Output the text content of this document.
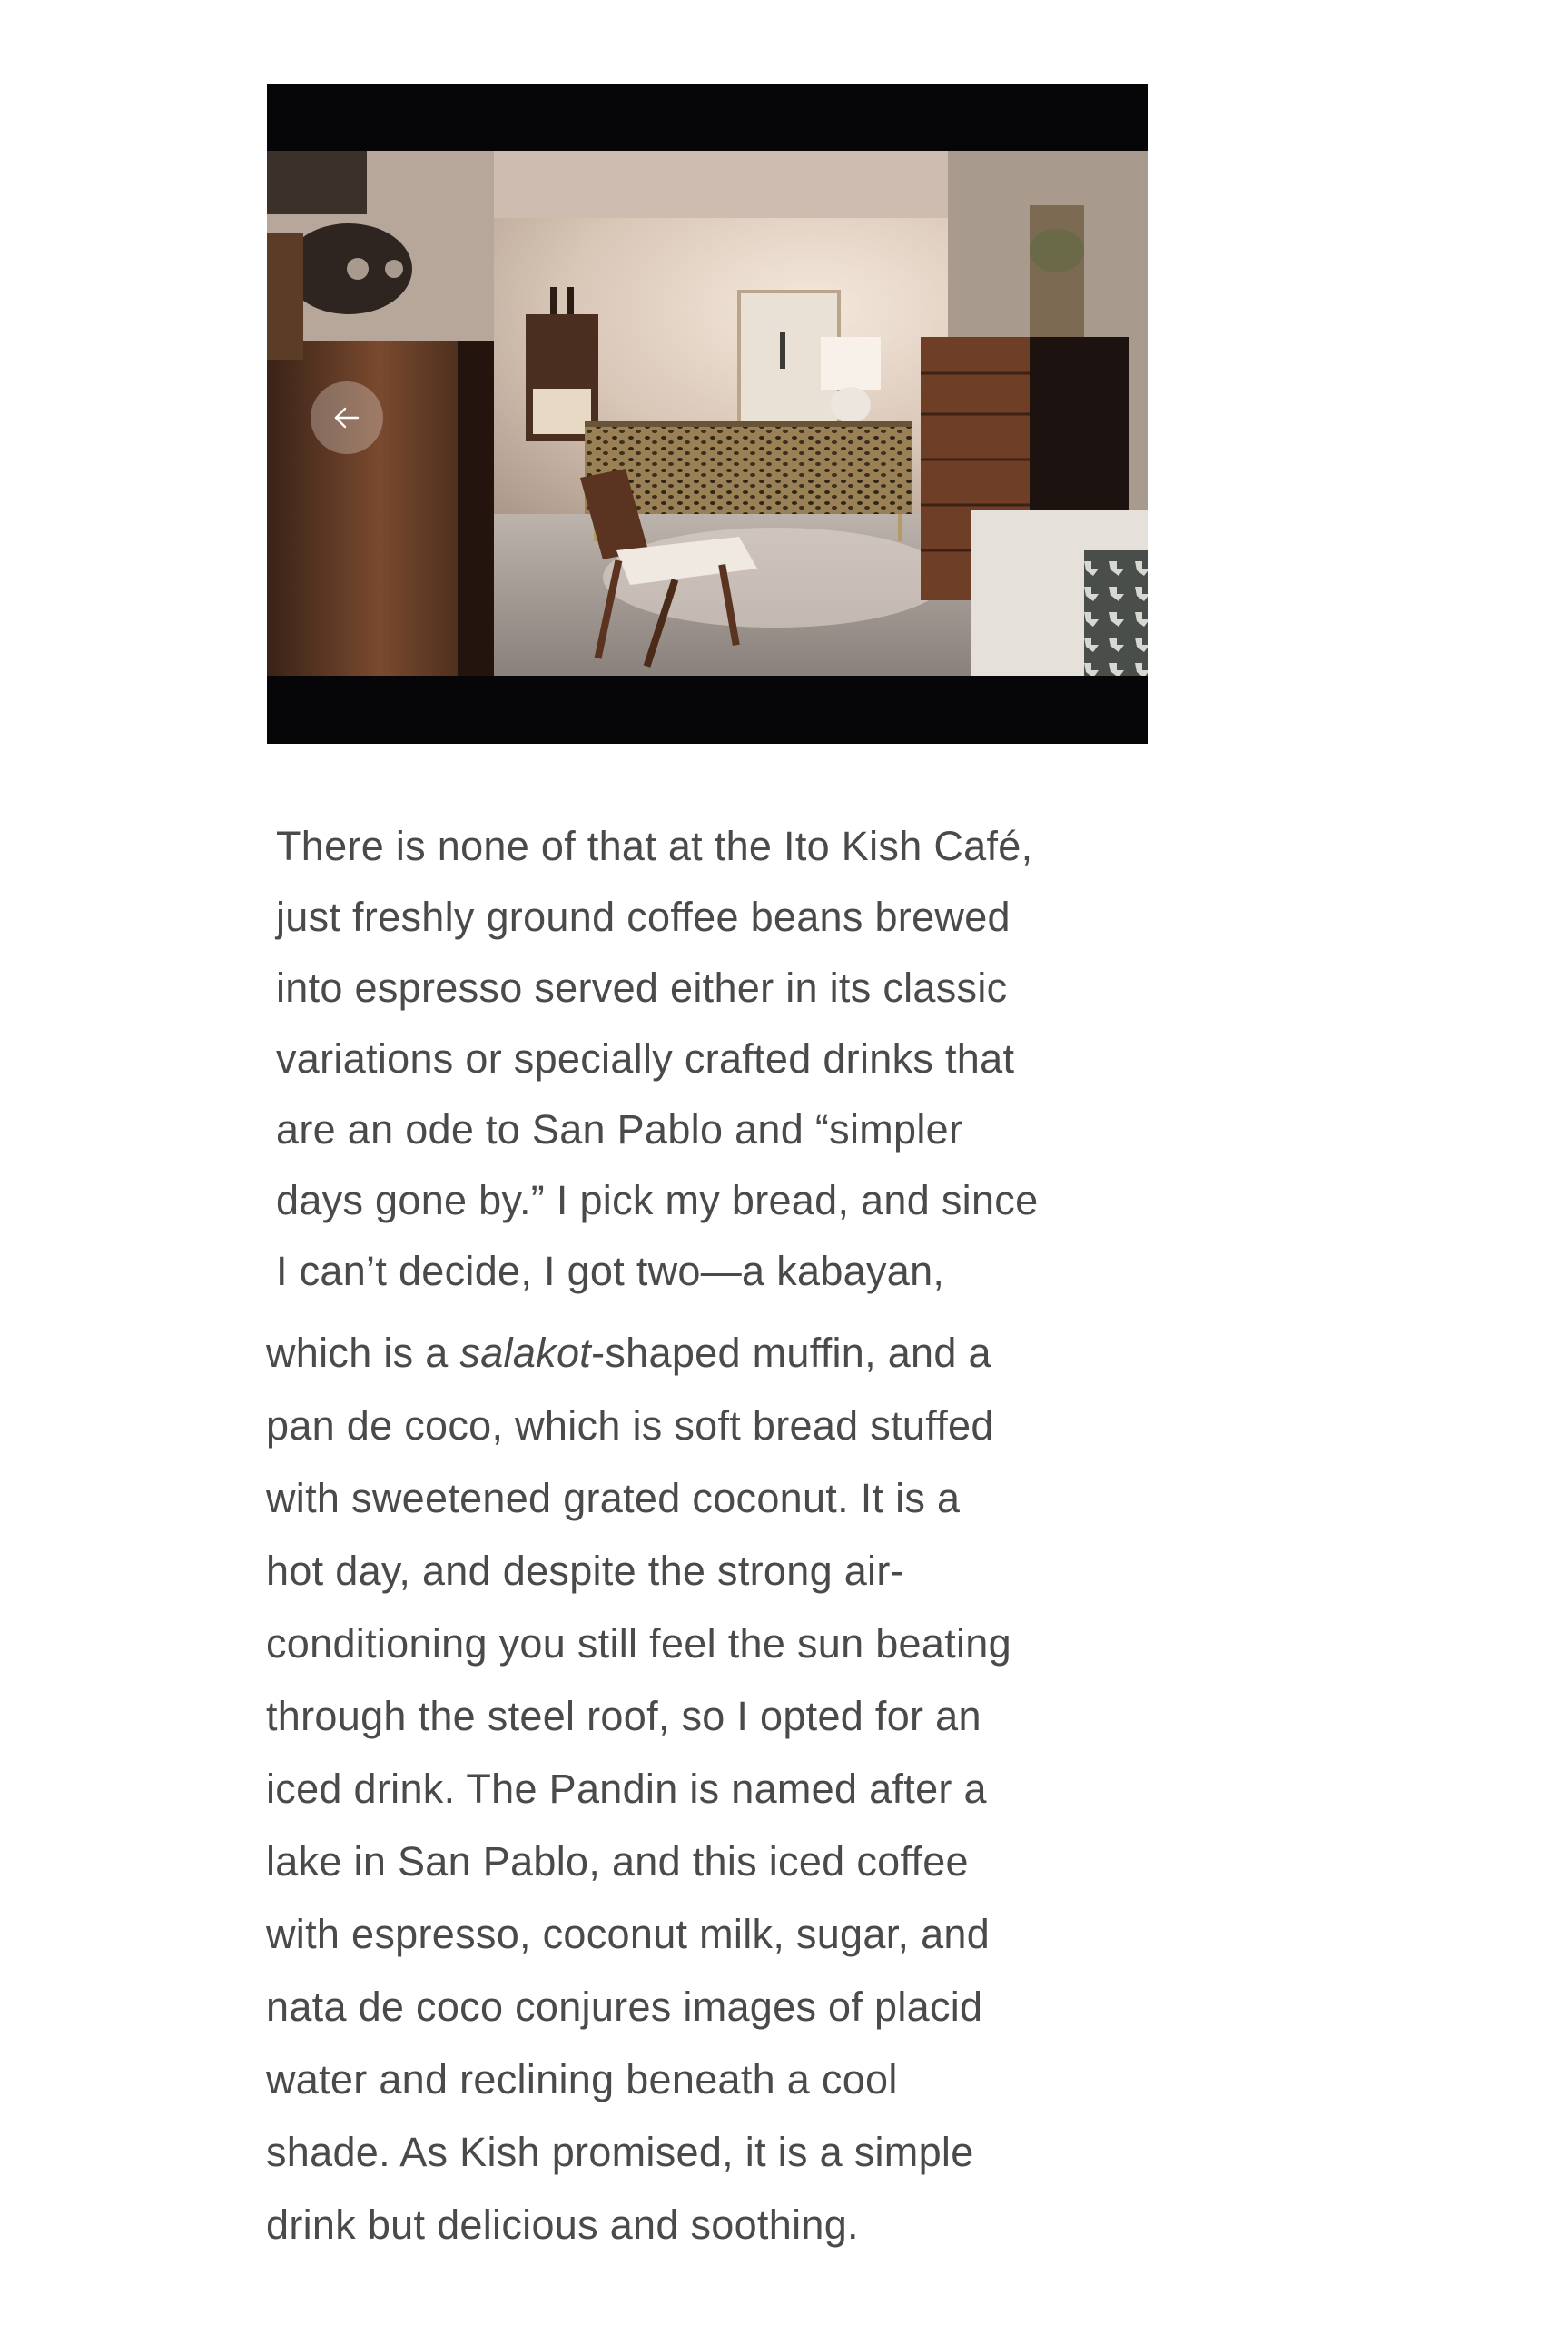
There is none of that at the Ito Kish Café,
just freshly ground coffee beans brewed
into espresso served either in its classic
variations or specially crafted drinks that
are an ode to San Pablo and “simpler
days gone by.” I pick my bread, and since
I can’t decide, I got two—a kabayan,
which is a salakot-shaped muffin, and a
pan de coco, which is soft bread stuffed
with sweetened grated coconut. It is a
hot day, and despite the strong air-
conditioning you still feel the sun beating
through the steel roof, so I opted for an
iced drink. The Pandin is named after a
lake in San Pablo, and this iced coffee
with espresso, coconut milk, sugar, and
nata de coco conjures images of placid
water and reclining beneath a cool
shade. As Kish promised, it is a simple
drink but delicious and soothing.
